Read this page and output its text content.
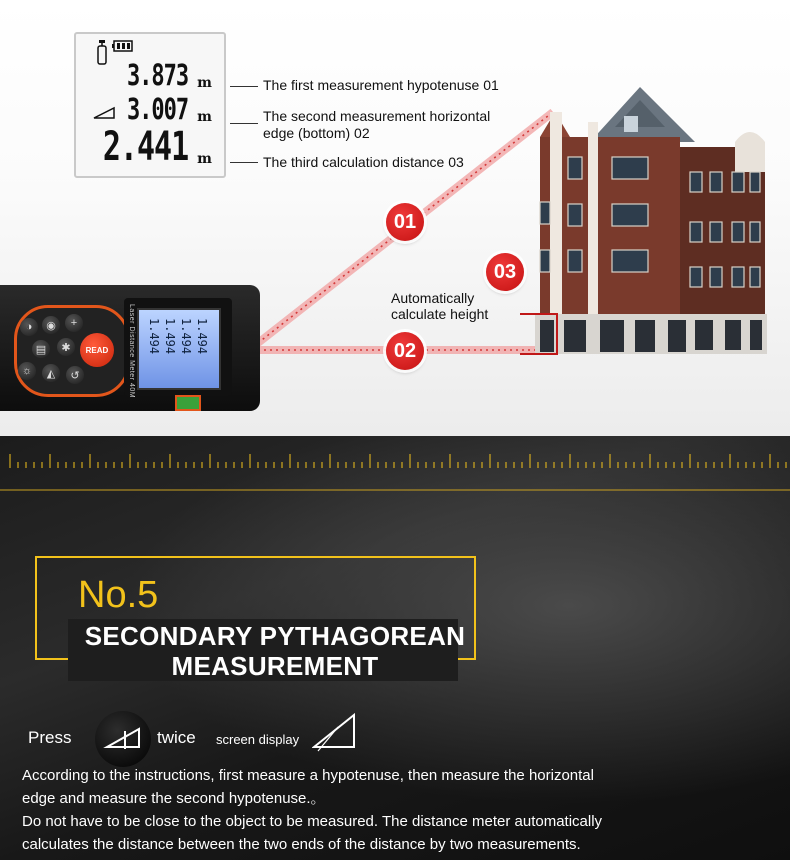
3.873 m
3.007 m
2.441 m
The first measurement hypotenuse 01
The second measurement horizontal
edge (bottom) 02
The third calculation distance 03
01
03
02
Automatically
calculate height
◑	◉	+
▤	✱
☼	◭	↺
READ	Laser Distance Meter 40M 1.494 1.494 1.494 1.494
No.5
SECONDARY PYTHAGOREAN
MEASUREMENT
Press	twice screen display
According to the instructions, first measure a hypotenuse, then measure the horizontal
edge and measure the second hypotenuse.。
Do not have to be close to the object to be measured. The distance meter automatically
calculates the distance between the two ends of the distance by two measurements.
